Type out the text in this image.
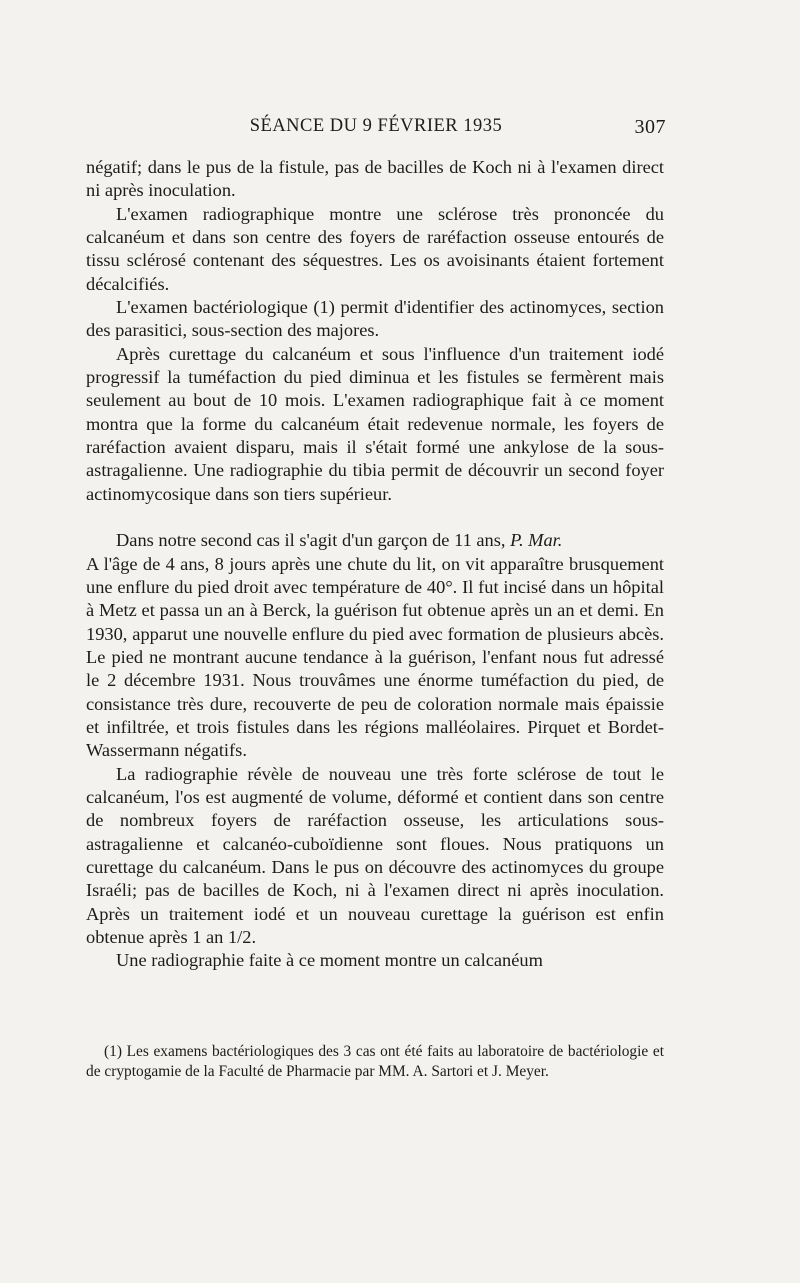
SÉANCE DU 9 FÉVRIER 1935	307

négatif; dans le pus de la fistule, pas de bacilles de Koch ni à l'examen direct ni après inoculation.

L'examen radiographique montre une sclérose très prononcée du calcanéum et dans son centre des foyers de raréfaction osseuse entourés de tissu sclérosé contenant des séquestres. Les os avoisinants étaient fortement décalcifiés.

L'examen bactériologique (1) permit d'identifier des actinomyces, section des parasitici, sous-section des majores.

Après curettage du calcanéum et sous l'influence d'un traitement iodé progressif la tuméfaction du pied diminua et les fistules se fermèrent mais seulement au bout de 10 mois. L'examen radiographique fait à ce moment montra que la forme du calcanéum était redevenue normale, les foyers de raréfaction avaient disparu, mais il s'était formé une ankylose de la sous-astragalienne. Une radiographie du tibia permit de découvrir un second foyer actinomycosique dans son tiers supérieur.

Dans notre second cas il s'agit d'un garçon de 11 ans, P. Mar.

A l'âge de 4 ans, 8 jours après une chute du lit, on vit apparaître brusquement une enflure du pied droit avec température de 40°. Il fut incisé dans un hôpital à Metz et passa un an à Berck, la guérison fut obtenue après un an et demi. En 1930, apparut une nouvelle enflure du pied avec formation de plusieurs abcès. Le pied ne montrant aucune tendance à la guérison, l'enfant nous fut adressé le 2 décembre 1931. Nous trouvâmes une énorme tuméfaction du pied, de consistance très dure, recouverte de peu de coloration normale mais épaissie et infiltrée, et trois fistules dans les régions malléolaires. Pirquet et Bordet-Wassermann négatifs.

La radiographie révèle de nouveau une très forte sclérose de tout le calcanéum, l'os est augmenté de volume, déformé et contient dans son centre de nombreux foyers de raréfaction osseuse, les articulations sous-astragalienne et calcanéo-cuboïdienne sont floues. Nous pratiquons un curettage du calcanéum. Dans le pus on découvre des actinomyces du groupe Israéli; pas de bacilles de Koch, ni à l'examen direct ni après inoculation. Après un traitement iodé et un nouveau curettage la guérison est enfin obtenue après 1 an 1/2.

Une radiographie faite à ce moment montre un calcanéum

(1) Les examens bactériologiques des 3 cas ont été faits au laboratoire de bactériologie et de cryptogamie de la Faculté de Pharmacie par MM. A. Sartori et J. Meyer.
